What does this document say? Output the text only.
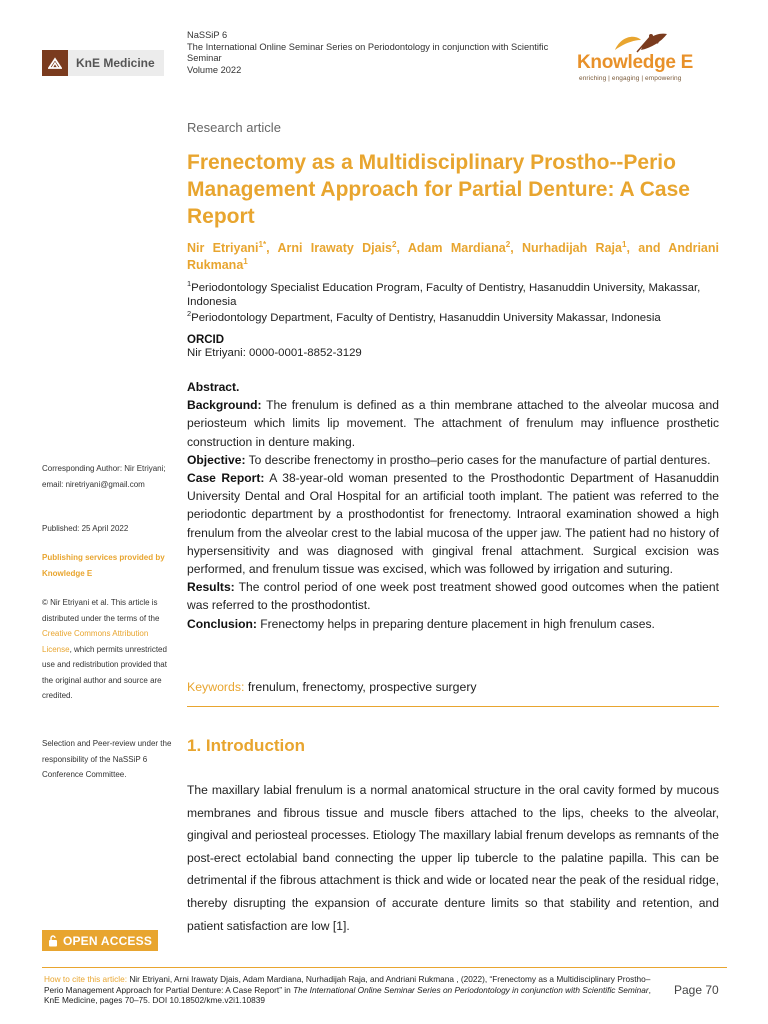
KnE Medicine
NaSSiP 6
The International Online Seminar Series on Periodontology in conjunction with Scientific Seminar
Volume 2022	Knowledge E
enriching | engaging | empowering
Research article
Frenectomy as a Multidisciplinary Prostho--Perio Management Approach for Partial Denture: A Case Report
Nir Etriyani$^{1*}$, Arni Irawaty Djais$^2$, Adam Mardiana$^2$, Nurhadijah Raja$^1$, and Andriani Rukmana$^1$
$^1$Periodontology Specialist Education Program, Faculty of Dentistry, Hasanuddin University, Makassar, Indonesia
$^2$Periodontology Department, Faculty of Dentistry, Hasanuddin University Makassar, Indonesia
ORCID
Nir Etriyani: 0000-0001-8852-3129

Abstract.

Background: The frenulum is defined as a thin membrane attached to the alveolar mucosa and periosteum which limits lip movement. The attachment of frenulum may influence prosthetic construction in denture making.

Objective: To describe frenectomy in prostho–perio cases for the manufacture of partial dentures.

Case Report: A 38-year-old woman presented to the Prosthodontic Department of Hasanuddin University Dental and Oral Hospital for an artificial tooth implant. The patient was referred to the periodontic department by a prosthodontist for frenectomy. Intraoral examination showed a high frenulum from the alveolar crest to the labial mucosa of the upper jaw. The patient had no history of hypersensitivity and was diagnosed with gingival frenal attachment. Surgical excision was performed, and frenulum tissue was excised, which was followed by irrigation and suturing.

Results: The control period of one week post treatment showed good outcomes when the patient was referred to the prosthodontist.

Conclusion: Frenectomy helps in preparing denture placement in high frenulum cases.

Keywords: frenulum, frenectomy, prospective surgery
1. Introduction
The maxillary labial frenulum is a normal anatomical structure in the oral cavity formed by mucous membranes and fibrous tissue and muscle fibers attached to the lips, cheeks to the alveolar, gingival and periosteal processes. Etiology The maxillary labial frenum develops as remnants of the post-erect ectolabial band connecting the upper lip tubercle to the palatine papilla. This can be detrimental if the fibrous attachment is thick and wide or located near the peak of the residual ridge, thereby disrupting the expansion of accurate denture limits so that stability and retention, and patient satisfaction are low [1].
Corresponding Author: Nir Etriyani; email: niretriyani@gmail.com
Published: 25 April 2022
Publishing services provided by Knowledge E
© Nir Etriyani et al. This article is distributed under the terms of the Creative Commons Attribution License, which permits unrestricted use and redistribution provided that the original author and source are credited.
Selection and Peer-review under the responsibility of the NaSSiP 6 Conference Committee.
OPEN ACCESS
How to cite this article: Nir Etriyani, Arni Irawaty Djais, Adam Mardiana, Nurhadijah Raja, and Andriani Rukmana , (2022), “Frenectomy as a Multidisciplinary Prostho–Perio Management Approach for Partial Denture: A Case Report” in The International Online Seminar Series on Periodontology in conjunction with Scientific Seminar, KnE Medicine, pages 70–75. DOI 10.18502/kme.v2i1.10839
Page 70
